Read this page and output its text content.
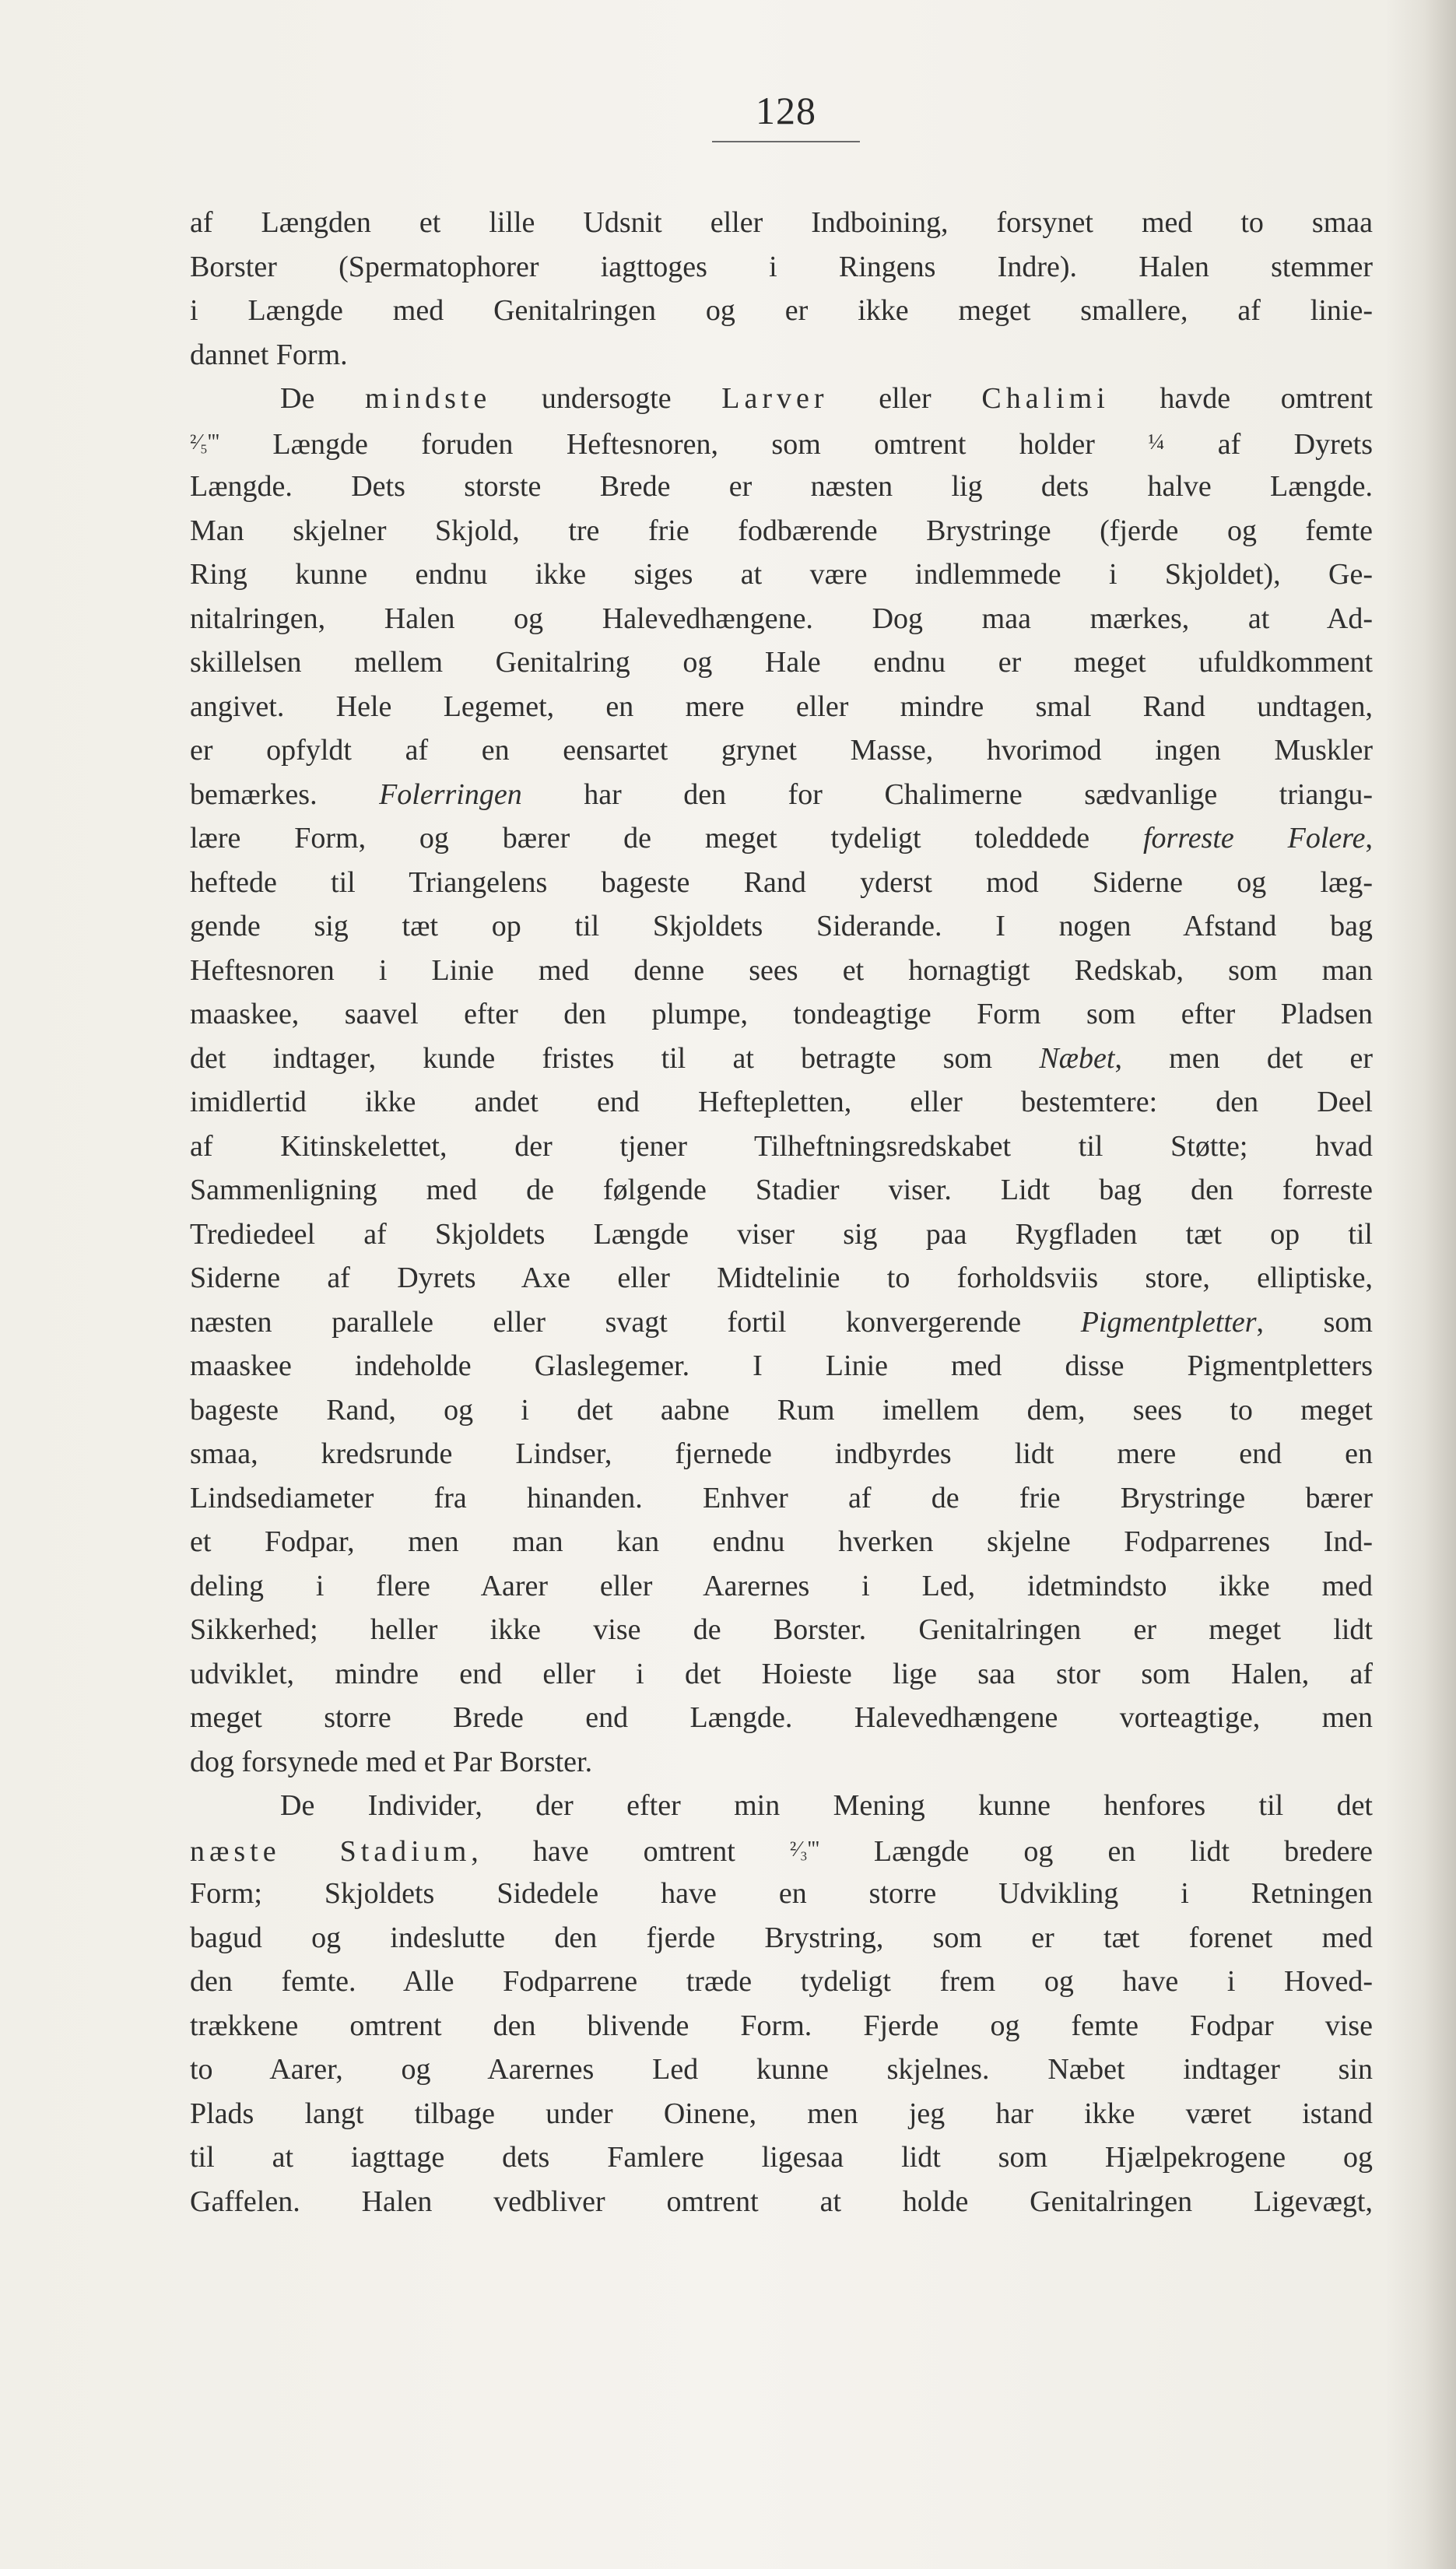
128
af Længden et lille Udsnit eller Indboining, forsynet med to smaa
Borster (Spermatophorer iagttoges i Ringens Indre). Halen stemmer
i Længde med Genitalringen og er ikke meget smallere, af linie-
dannet Form.
De mindste undersogte Larver eller Chalimi havde omtrent
²⁄₅''' Længde foruden Heftesnoren, som omtrent holder ¼ af Dyrets
Længde. Dets storste Brede er næsten lig dets halve Længde.
Man skjelner Skjold, tre frie fodbærende Brystringe (fjerde og femte
Ring kunne endnu ikke siges at være indlemmede i Skjoldet), Ge-
nitalringen, Halen og Halevedhængene. Dog maa mærkes, at Ad-
skillelsen mellem Genitalring og Hale endnu er meget ufuldkomment
angivet. Hele Legemet, en mere eller mindre smal Rand undtagen,
er opfyldt af en eensartet grynet Masse, hvorimod ingen Muskler
bemærkes. Folerringen har den for Chalimerne sædvanlige triangu-
lære Form, og bærer de meget tydeligt toleddede forreste Folere,
heftede til Triangelens bageste Rand yderst mod Siderne og læg-
gende sig tæt op til Skjoldets Siderande. I nogen Afstand bag
Heftesnoren i Linie med denne sees et hornagtigt Redskab, som man
maaskee, saavel efter den plumpe, tondeagtige Form som efter Pladsen
det indtager, kunde fristes til at betragte som Næbet, men det er
imidlertid ikke andet end Heftepletten, eller bestemtere: den Deel
af Kitinskelettet, der tjener Tilheftningsredskabet til Støtte; hvad
Sammenligning med de følgende Stadier viser. Lidt bag den forreste
Trediedeel af Skjoldets Længde viser sig paa Rygfladen tæt op til
Siderne af Dyrets Axe eller Midtelinie to forholdsviis store, elliptiske,
næsten parallele eller svagt fortil konvergerende Pigmentpletter, som
maaskee indeholde Glaslegemer. I Linie med disse Pigmentpletters
bageste Rand, og i det aabne Rum imellem dem, sees to meget
smaa, kredsrunde Lindser, fjernede indbyrdes lidt mere end en
Lindsediameter fra hinanden. Enhver af de frie Brystringe bærer
et Fodpar, men man kan endnu hverken skjelne Fodparrenes Ind-
deling i flere Aarer eller Aarernes i Led, idetmindsto ikke med
Sikkerhed; heller ikke vise de Borster. Genitalringen er meget lidt
udviklet, mindre end eller i det Hoieste lige saa stor som Halen, af
meget storre Brede end Længde. Halevedhængene vorteagtige, men
dog forsynede med et Par Borster.
De Individer, der efter min Mening kunne henfores til det
næste Stadium, have omtrent ²⁄₃''' Længde og en lidt bredere
Form; Skjoldets Sidedele have en storre Udvikling i Retningen
bagud og indeslutte den fjerde Brystring, som er tæt forenet med
den femte. Alle Fodparrene træde tydeligt frem og have i Hoved-
trækkene omtrent den blivende Form. Fjerde og femte Fodpar vise
to Aarer, og Aarernes Led kunne skjelnes. Næbet indtager sin
Plads langt tilbage under Oinene, men jeg har ikke været istand
til at iagttage dets Famlere ligesaa lidt som Hjælpekrogene og
Gaffelen. Halen vedbliver omtrent at holde Genitalringen Ligevægt,
